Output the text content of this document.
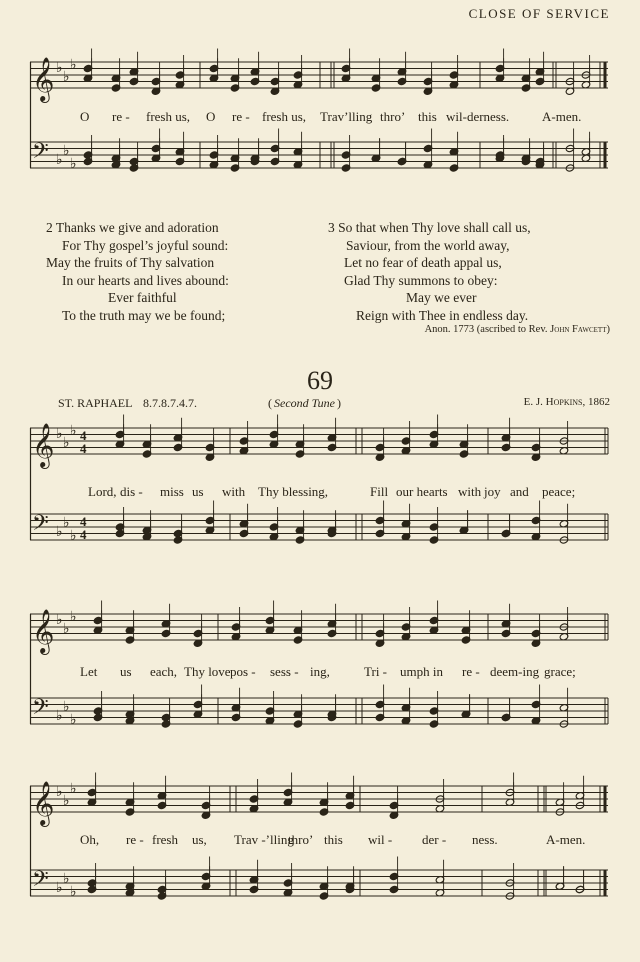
CLOSE OF SERVICE
𝄞 ♭
♭
♭
𝄢 ♭
♭
♭
O re - fresh us, O re - fresh us, Trav’lling thro’ this wil-derness.	A-men.
2 Thanks we give and adoration
For Thy gospel’s joyful sound:
May the fruits of Thy salvation
In our hearts and lives abound:
Ever faithful
To the truth may we be found;
3 So that when Thy love shall call us,
Saviour, from the world away,
Let no fear of death appal us,
Glad Thy summons to obey:
May we ever
Reign with Thee in endless day.
Anon. 1773 (ascribed to Rev. John Fawcett)
69
ST. RAPHAEL 8.7.8.7.4.7.	( Second Tune )	E. J. Hopkins, 1862
𝄞 ♭
♭
♭ 4
4
𝄢 ♭
♭
♭
4
4
Lord, dis - miss us with Thy blessing,	Fill our hearts with joy and peace;
𝄞 ♭
♭
♭
𝄢 ♭
♭
♭
Let us each, Thy love pos - sess - ing,	Tri - umph in re - deem-ing grace;
𝄞 ♭
♭
♭
𝄢 ♭
♭
♭
Oh, re - fresh us, Trav -’lling
thro’ this wil - der - ness.	A-men.
